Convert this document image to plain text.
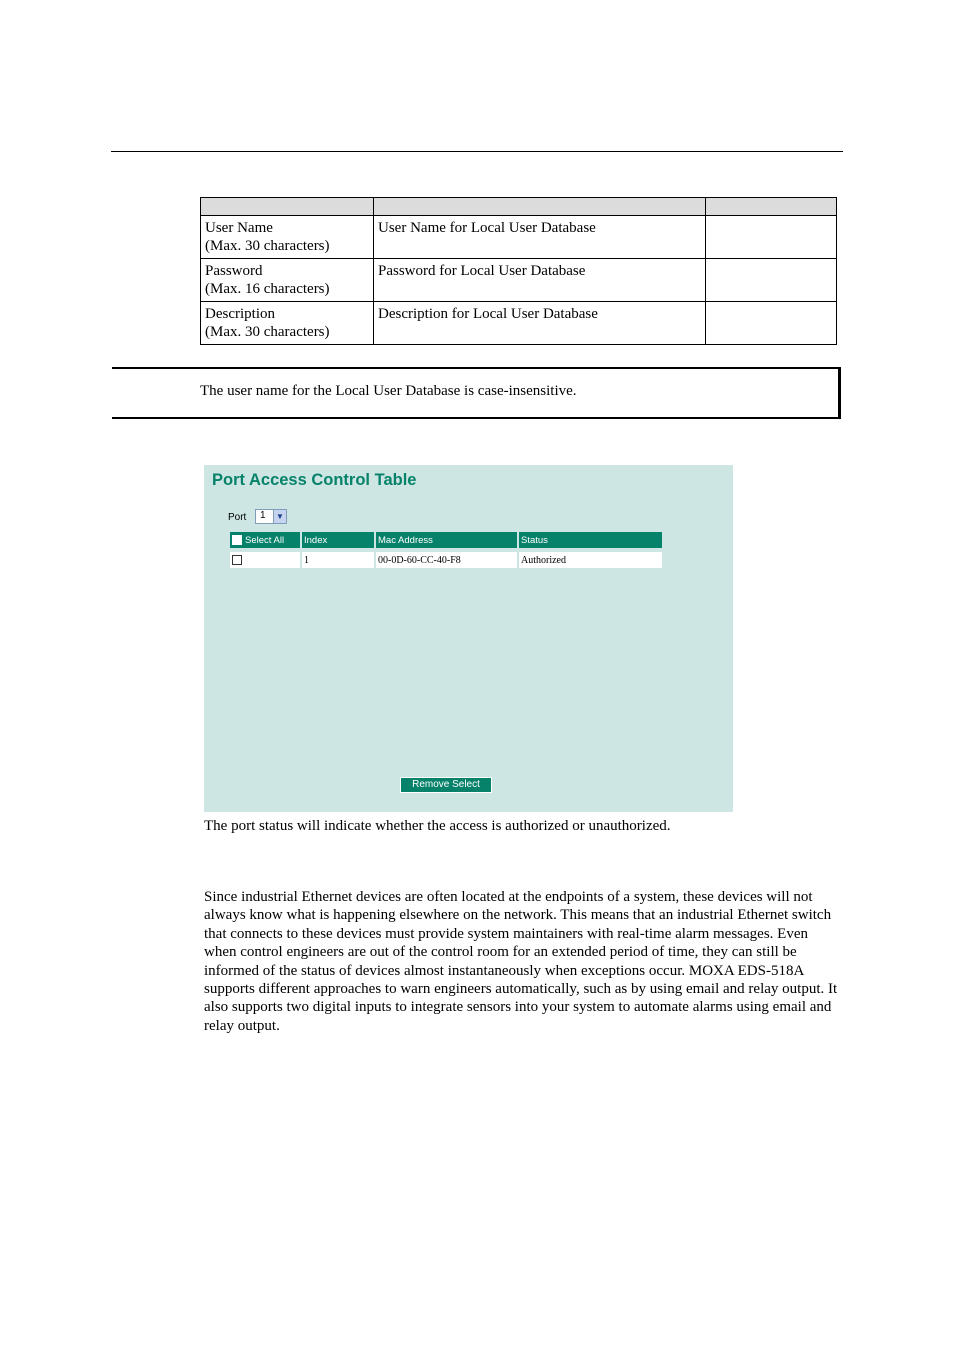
User Name
(Max. 30 characters)	User Name for Local User Database	

Password
(Max. 16 characters)	Password for Local User Database	

Description
(Max. 30 characters)	Description for Local User Database	
The user name for the Local User Database is case-insensitive.
Port Access Control Table
Port 1	▼
Select All	Index	Mac Address	Status

	1	00-0D-60-CC-40-F8	Authorized
Remove Select
The port status will indicate whether the access is authorized or unauthorized.
Since industrial Ethernet devices are often located at the endpoints of a system, these devices will not always know what is happening elsewhere on the network. This means that an industrial Ethernet switch that connects to these devices must provide system maintainers with real-time alarm messages. Even when control engineers are out of the control room for an extended period of time, they can still be informed of the status of devices almost instantaneously when exceptions occur. MOXA EDS-518A supports different approaches to warn engineers automatically, such as by using email and relay output. It also supports two digital inputs to integrate sensors into your system to automate alarms using email and relay output.
